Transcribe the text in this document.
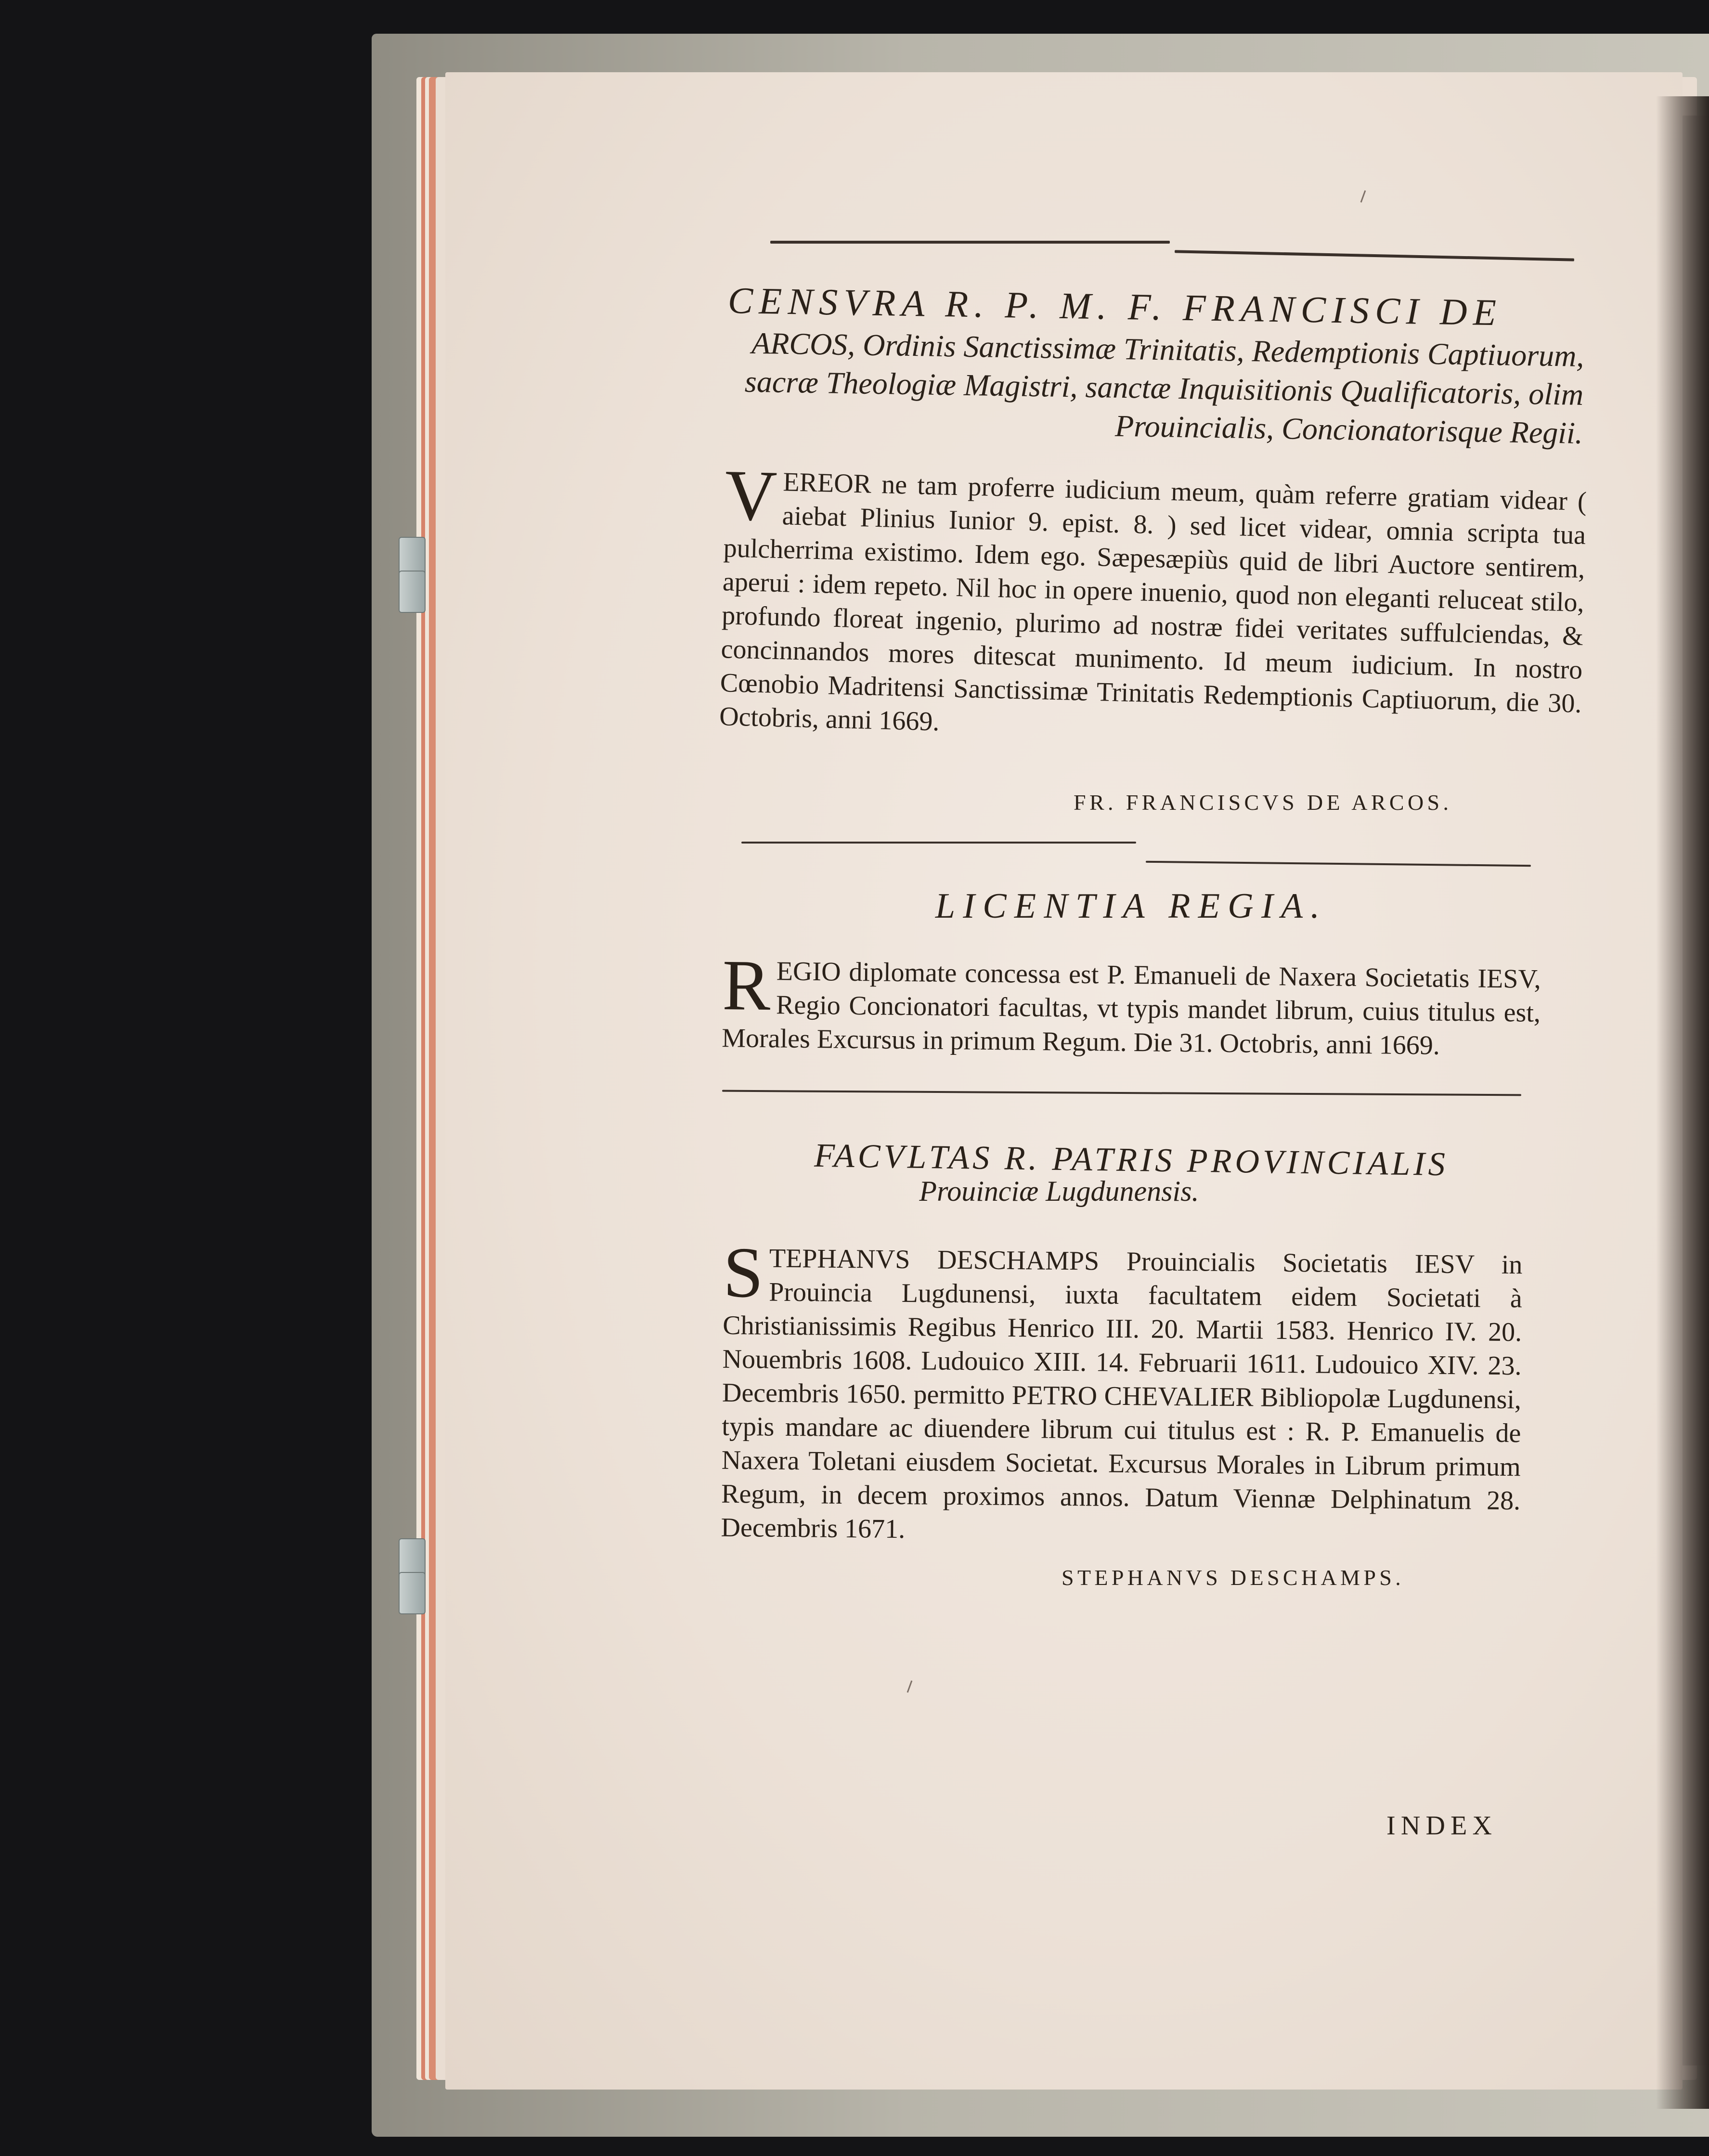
CENSVRA R. P. M. F. FRANCISCI DE
ARCOS, Ordinis Sanctissimæ Trinitatis, Redemptionis Captiuorum, sacræ Theologiæ Magistri, sanctæ Inquisitionis Qualificatoris, olim Prouincialis, Concionatorisque Regii.
V EREOR ne tam proferre iudicium meum, quàm referre gratiam videar ( aiebat Plinius Iunior 9. epist. 8. ) sed licet videar, omnia scripta tua pulcherrima existimo. Idem ego. Sæpesæpiùs quid de libri Auctore sentirem, aperui : idem repeto. Nil hoc in opere inuenio, quod non eleganti reluceat stilo, profundo floreat ingenio, plurimo ad nostræ fidei veritates suffulciendas, & concinnandos mores ditescat munimento. Id meum iudicium. In nostro Cœnobio Madritensi Sanctissimæ Trinitatis Redemptionis Captiuorum, die 30. Octobris, anni 1669.
FR. FRANCISCVS DE ARCOS.
LICENTIA REGIA.
R EGIO diplomate concessa est P. Emanueli de Naxera Societatis IESV, Regio Concionatori facultas, vt typis mandet librum, cuius titulus est, Morales Excursus in primum Regum. Die 31. Octobris, anni 1669.
FACVLTAS R. PATRIS PROVINCIALIS
Prouinciæ Lugdunensis.
S TEPHANVS DESCHAMPS Prouincialis Societatis IESV in Prouincia Lugdunensi, iuxta facultatem eidem Societati à Christianissimis Regibus Henrico III. 20. Martii 1583. Henrico IV. 20. Nouembris 1608. Ludouico XIII. 14. Februarii 1611. Ludouico XIV. 23. Decembris 1650. permitto PETRO CHEVALIER Bibliopolæ Lugdunensi, typis mandare ac diuendere librum cui titulus est : R. P. Emanuelis de Naxera Toletani eiusdem Societat. Excursus Morales in Librum primum Regum, in decem proximos annos. Datum Viennæ Delphinatum 28. Decembris 1671.
STEPHANVS DESCHAMPS.
INDEX
